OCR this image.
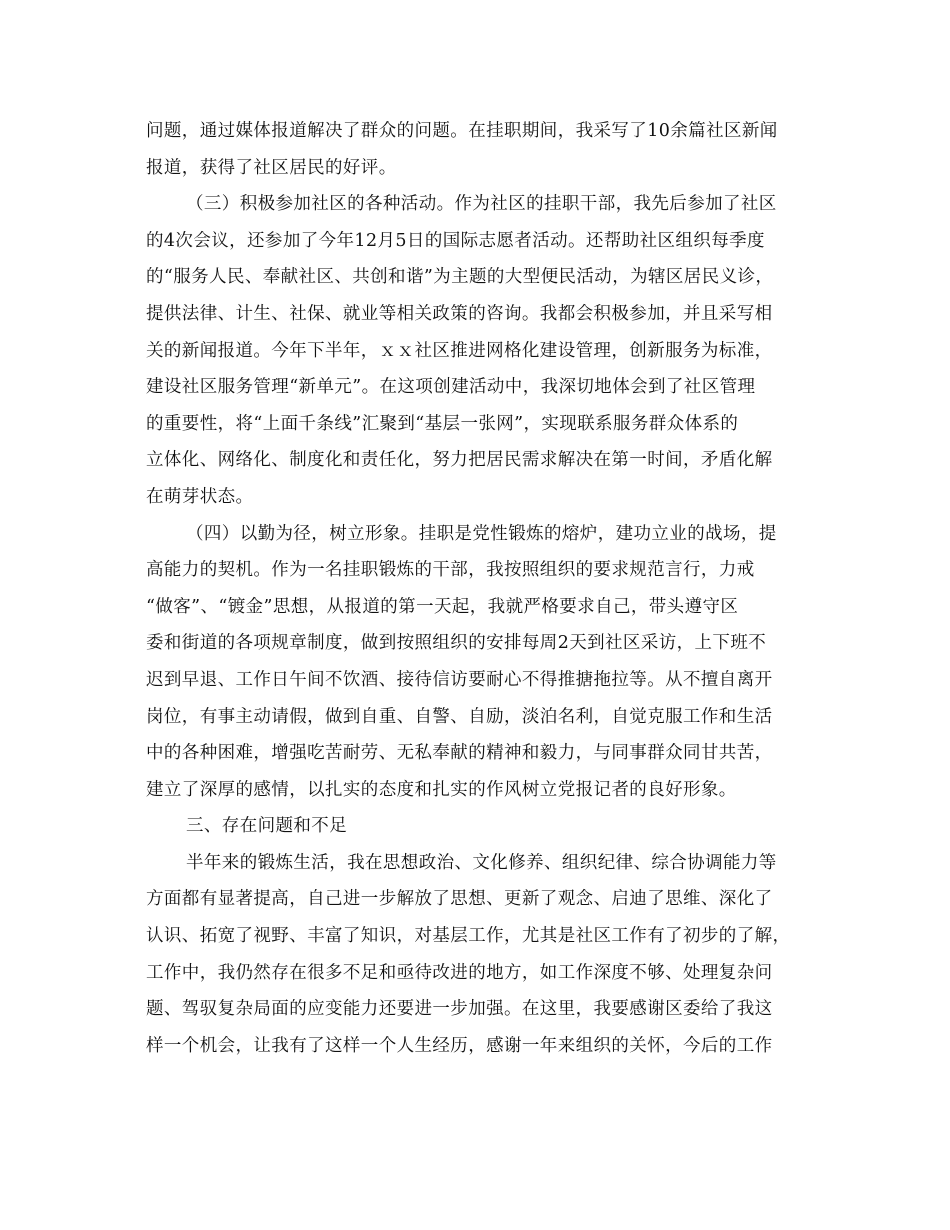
问题，通过媒体报道解决了群众的问题。在挂职期间，我采写了10余篇社区新闻
报道，获得了社区居民的好评。
（三）积极参加社区的各种活动。作为社区的挂职干部，我先后参加了社区
的4次会议，还参加了今年12月5日的国际志愿者活动。还帮助社区组织每季度
的“服务人民、奉献社区、共创和谐”为主题的大型便民活动，为辖区居民义诊，
提供法律、计生、社保、就业等相关政策的咨询。我都会积极参加，并且采写相
关的新闻报道。今年下半年，ｘｘ社区推进网格化建设管理，创新服务为标准，
建设社区服务管理“新单元”。在这项创建活动中，我深切地体会到了社区管理
的重要性，将“上面千条线”汇聚到“基层一张网”，实现联系服务群众体系的
立体化、网络化、制度化和责任化，努力把居民需求解决在第一时间，矛盾化解
在萌芽状态。
（四）以勤为径，树立形象。挂职是党性锻炼的熔炉，建功立业的战场，提
高能力的契机。作为一名挂职锻炼的干部，我按照组织的要求规范言行，力戒
“做客”、“镀金”思想，从报道的第一天起，我就严格要求自己，带头遵守区
委和街道的各项规章制度，做到按照组织的安排每周2天到社区采访，上下班不
迟到早退、工作日午间不饮酒、接待信访要耐心不得推搪拖拉等。从不擅自离开
岗位，有事主动请假，做到自重、自警、自励，淡泊名利，自觉克服工作和生活
中的各种困难，增强吃苦耐劳、无私奉献的精神和毅力，与同事群众同甘共苦，
建立了深厚的感情，以扎实的态度和扎实的作风树立党报记者的良好形象。
三、存在问题和不足
半年来的锻炼生活，我在思想政治、文化修养、组织纪律、综合协调能力等
方面都有显著提高，自己进一步解放了思想、更新了观念、启迪了思维、深化了
认识、拓宽了视野、丰富了知识，对基层工作，尤其是社区工作有了初步的了解，
工作中，我仍然存在很多不足和亟待改进的地方，如工作深度不够、处理复杂问
题、驾驭复杂局面的应变能力还要进一步加强。在这里，我要感谢区委给了我这
样一个机会，让我有了这样一个人生经历，感谢一年来组织的关怀，今后的工作
